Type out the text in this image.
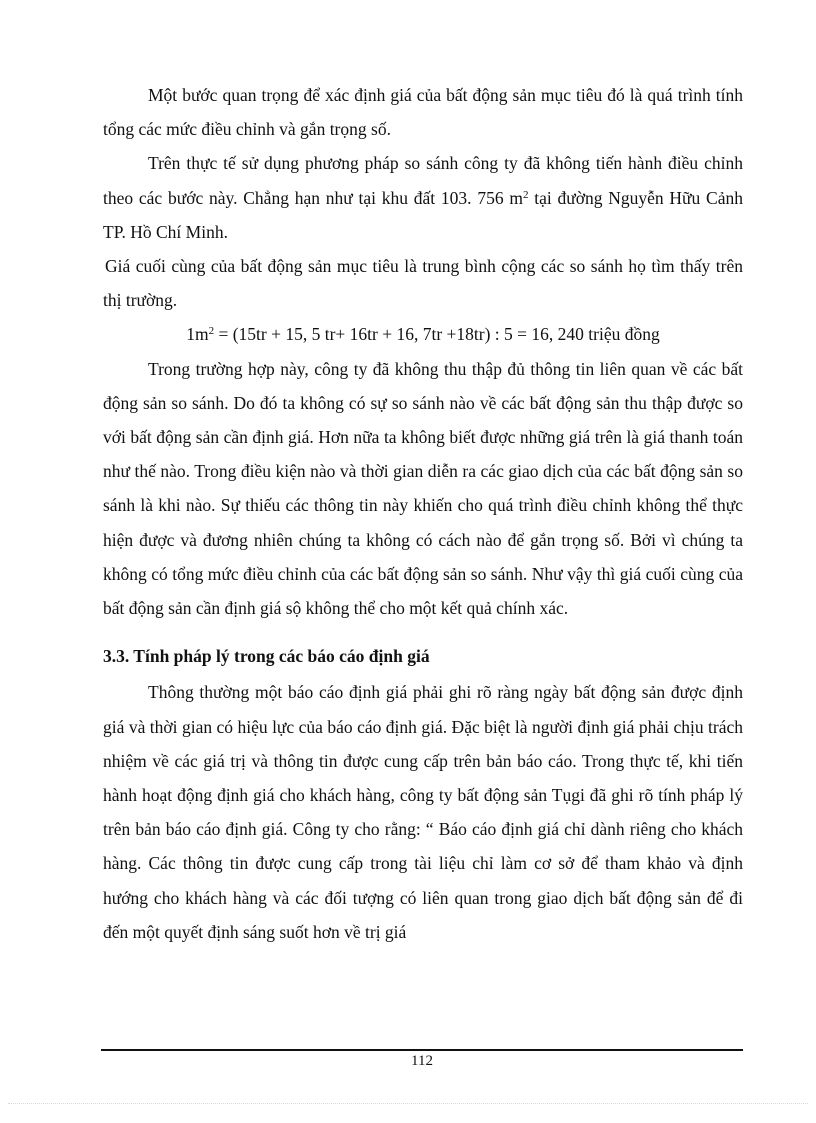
Một bước quan trọng để xác định giá của bất động sản mục tiêu đó là quá trình tính tổng các mức điều chỉnh và gắn trọng số.

Trên thực tế sử dụng phương pháp so sánh công ty đã không tiến hành điều chỉnh theo các bước này. Chẳng hạn như tại khu đất 103. 756 $m^2$ tại đường Nguyễn Hữu Cảnh TP. Hồ Chí Minh.

Giá cuối cùng của bất động sản mục tiêu là trung bình cộng các so sánh họ tìm thấy trên thị trường.

$1m^2 = (15tr + 15$, 5 tr+ 16tr + 16, 7tr +18tr) : 5 = 16, 240 triệu đồng

Trong trường hợp này, công ty đã không thu thập đủ thông tin liên quan về các bất động sản so sánh. Do đó ta không có sự so sánh nào về các bất động sản thu thập được so với bất động sản cần định giá. Hơn nữa ta không biết được những giá trên là giá thanh toán như thế nào. Trong điều kiện nào và thời gian diễn ra các giao dịch của các bất động sản so sánh là khi nào. Sự thiếu các thông tin này khiến cho quá trình điều chỉnh không thể thực hiện được và đương nhiên chúng ta không có cách nào để gắn trọng số. Bởi vì chúng ta không có tổng mức điều chỉnh của các bất động sản so sánh. Như vậy thì giá cuối cùng của bất động sản cần định giá sộ không thể cho một kết quả chính xác.

3.3. Tính pháp lý trong các báo cáo định giá

Thông thường một báo cáo định giá phải ghi rõ ràng ngày bất động sản được định giá và thời gian có hiệu lực của báo cáo định giá. Đặc biệt là người định giá phải chịu trách nhiệm về các giá trị và thông tin được cung cấp trên bản báo cáo. Trong thực tế, khi tiến hành hoạt động định giá cho khách hàng, công ty bất động sản Tụgi đã ghi rõ tính pháp lý trên bản báo cáo định giá. Công ty cho rằng: “ Báo cáo định giá chỉ dành riêng cho khách hàng. Các thông tin được cung cấp trong tài liệu chỉ làm cơ sở để tham khảo và định hướng cho khách hàng và các đối tượng có liên quan trong giao dịch bất động sản để đi đến một quyết định sáng suốt hơn về trị giá

112
